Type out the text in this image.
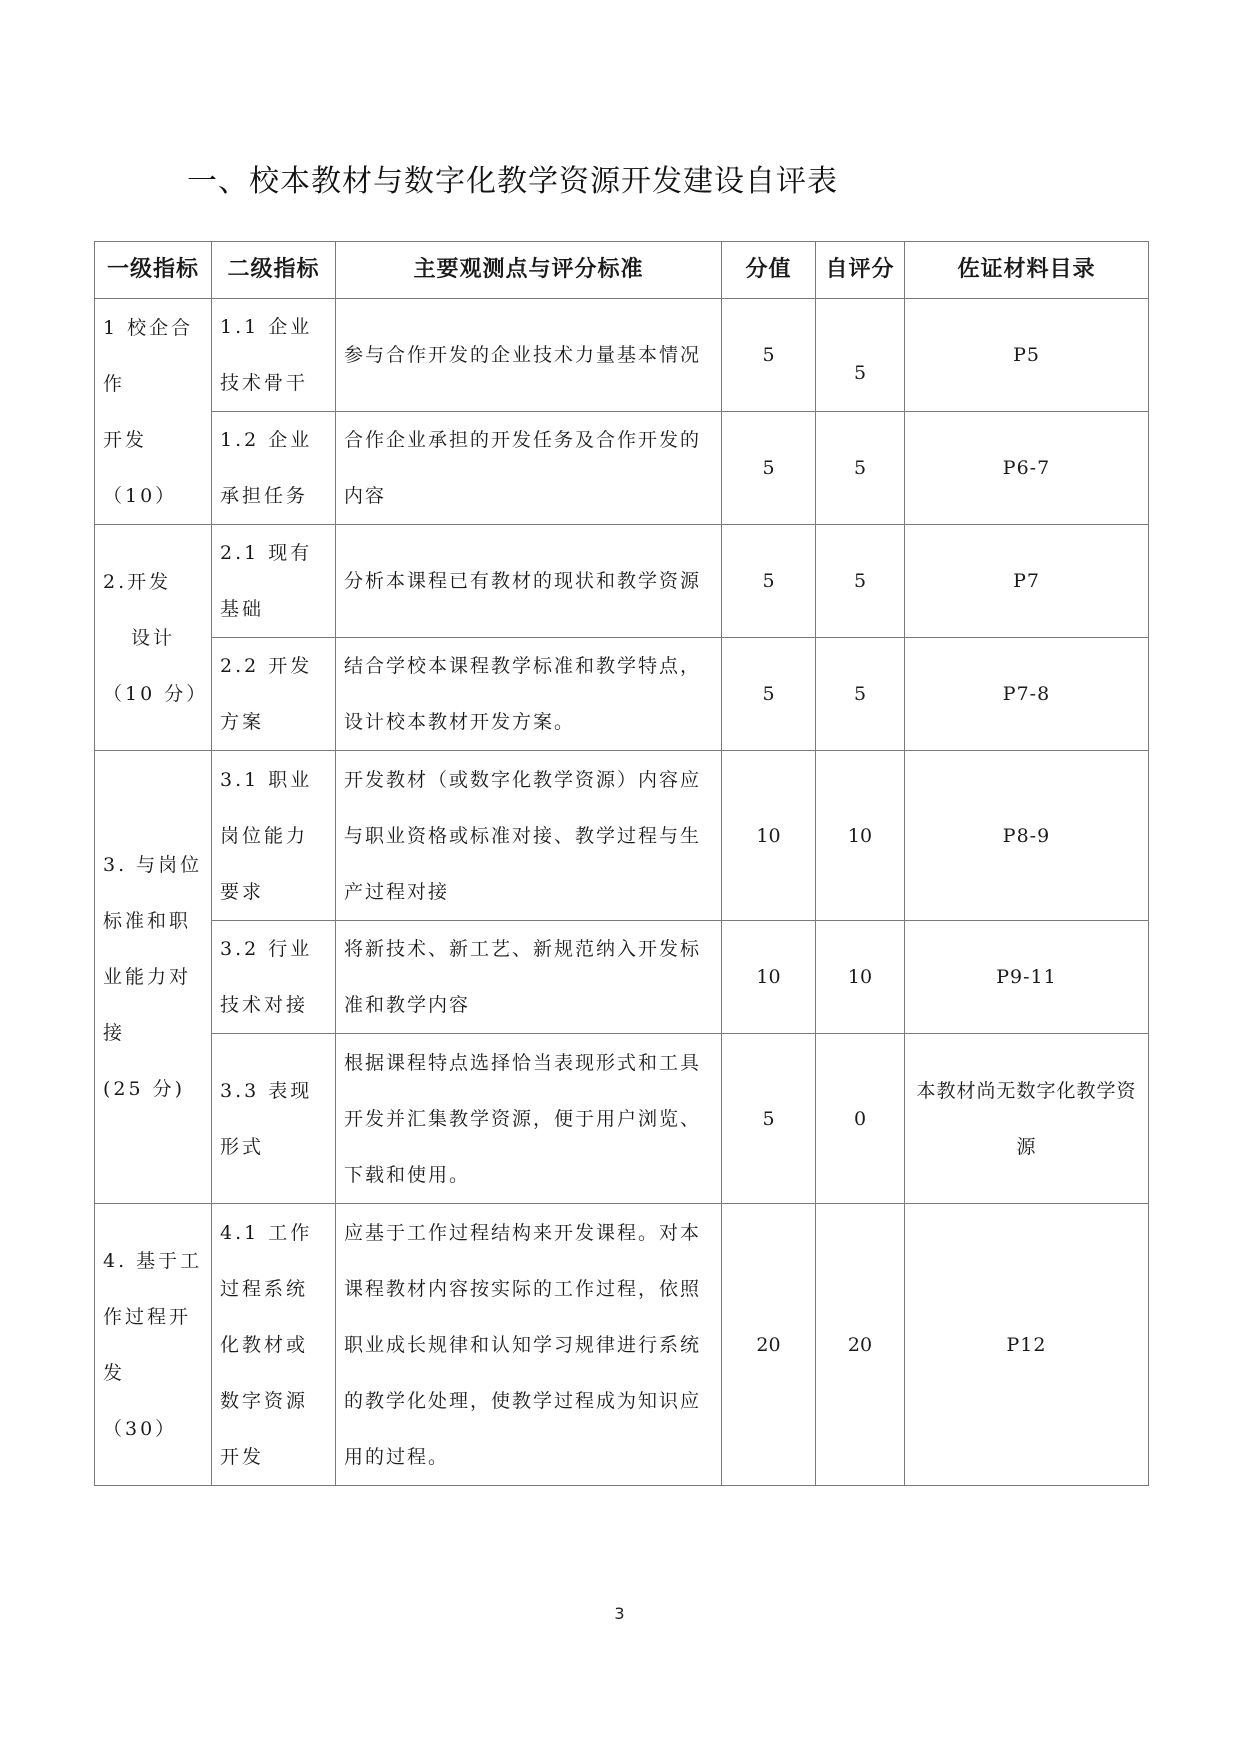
一、校本教材与数字化教学资源开发建设自评表
一级指标	二级指标	主要观测点与评分标准	分值	自评分	佐证材料目录
1 校企合作
开发（10）	1.1 企业技术骨干	参与合作开发的企业技术力量基本情况	5	5	P5
	1.2 企业承担任务	合作企业承担的开发任务及合作开发的内容	5	5	P6-7
2.开发

设计
（10 分）	2.1 现有基础	分析本课程已有教材的现状和教学资源	5	5	P7
	2.2 开发方案	结合学校本课程教学标准和教学特点，设计校本教材开发方案。	5	5	P7-8
3. 与岗位
标准和职
业能力对
接
(25 分)	3.1 职业岗位能力要求	开发教材（或数字化教学资源）内容应与职业资格或标准对接、教学过程与生产过程对接	10	10	P8-9
	3.2 行业技术对接	将新技术、新工艺、新规范纳入开发标准和教学内容	10	10	P9-11
	3.3 表现形式	根据课程特点选择恰当表现形式和工具开发并汇集教学资源，便于用户浏览、下载和使用。	5	0	本教材尚无数字化教学资源
4. 基于工
作过程开
发
（30）	4.1 工作过程系统化教材或数字资源开发	应基于工作过程结构来开发课程。对本课程教材内容按实际的工作过程，依照职业成长规律和认知学习规律进行系统的教学化处理，使教学过程成为知识应用的过程。	20	20	P12
3
